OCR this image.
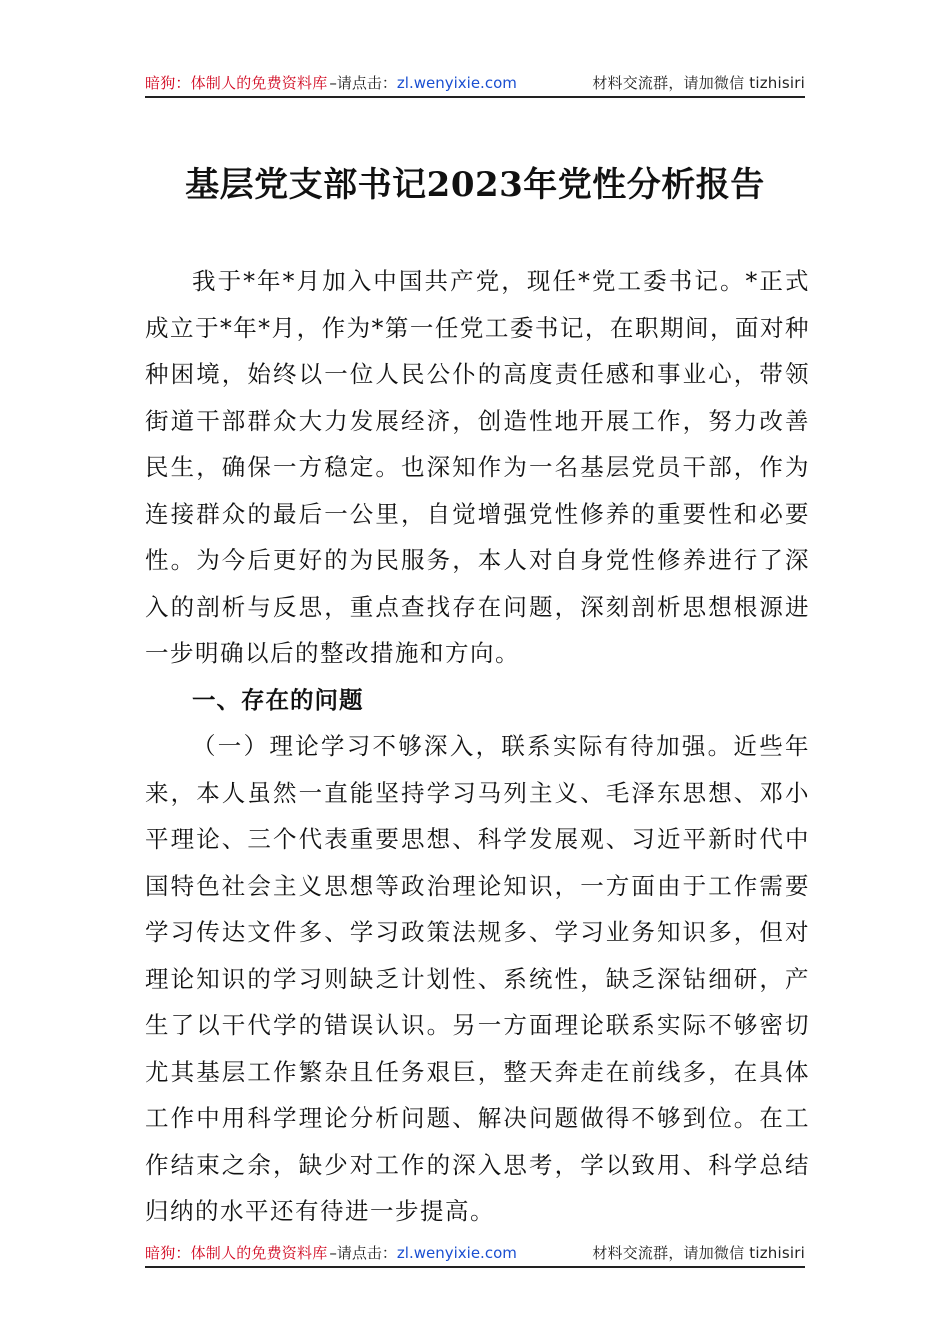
暗狗：体制人的免费资料库 –请点击： zl.wenyixie.com	材料交流群，请加微信 tizhisiri
基层党支部书记2023年党性分析报告

我于*年*月加入中国共产党，现任*党工委书记。*正式成立于*年*月，作为*第一任党工委书记，在职期间，面对种种困境，始终以一位人民公仆的高度责任感和事业心，带领街道干部群众大力发展经济，创造性地开展工作，努力改善民生，确保一方稳定。也深知作为一名基层党员干部，作为连接群众的最后一公里，自觉增强党性修养的重要性和必要性。为今后更好的为民服务，本人对自身党性修养进行了深入的剖析与反思，重点查找存在问题，深刻剖析思想根源进一步明确以后的整改措施和方向。

一、存在的问题

（一）理论学习不够深入，联系实际有待加强。近些年来，本人虽然一直能坚持学习马列主义、毛泽东思想、邓小平理论、三个代表重要思想、科学发展观、习近平新时代中国特色社会主义思想等政治理论知识，一方面由于工作需要学习传达文件多、学习政策法规多、学习业务知识多，但对理论知识的学习则缺乏计划性、系统性，缺乏深钻细研，产生了以干代学的错误认识。另一方面理论联系实际不够密切尤其基层工作繁杂且任务艰巨，整天奔走在前线多，在具体工作中用科学理论分析问题、解决问题做得不够到位。在工作结束之余，缺少对工作的深入思考，学以致用、科学总结归纳的水平还有待进一步提高。

暗狗：体制人的免费资料库 –请点击： zl.wenyixie.com	材料交流群，请加微信 tizhisiri
